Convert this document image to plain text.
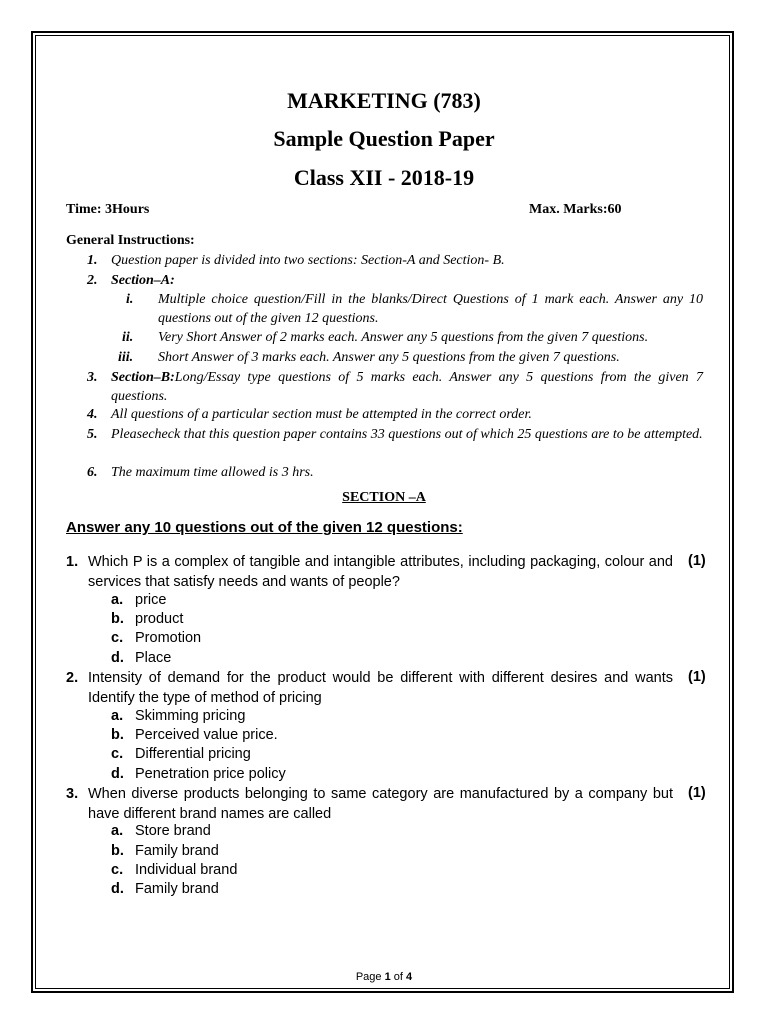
MARKETING (783)
Sample Question Paper
Class XII - 2018-19
Time: 3Hours	Max. Marks:60
General Instructions:
1. Question paper is divided into two sections: Section-A and Section- B.
2. Section–A:
i. Multiple choice question/Fill in the blanks/Direct Questions of 1 mark each. Answer any 10 questions out of the given 12 questions.
ii. Very Short Answer of 2 marks each. Answer any 5 questions from the given 7 questions.
iii. Short Answer of 3 marks each. Answer any 5 questions from the given 7 questions.
3. Section–B:Long/Essay type questions of 5 marks each. Answer any 5 questions from the given 7 questions.
4. All questions of a particular section must be attempted in the correct order.
5. Pleasecheck that this question paper contains 33 questions out of which 25 questions are to be attempted.
6. The maximum time allowed is 3 hrs.
SECTION –A
Answer any 10 questions out of the given 12 questions:
1. Which P is a complex of tangible and intangible attributes, including packaging, colour and services that satisfy needs and wants of people?
(1)
a. price
b. product
c. Promotion
d. Place
2. Intensity of demand for the product would be different with different desires and wants Identify the type of method of pricing
(1)
a. Skimming pricing
b. Perceived value price.
c. Differential pricing
d. Penetration price policy
3. When diverse products belonging to same category are manufactured by a company but have different brand names are called
(1)
a. Store brand
b. Family brand
c. Individual brand
d. Family brand
Page 1 of 4
